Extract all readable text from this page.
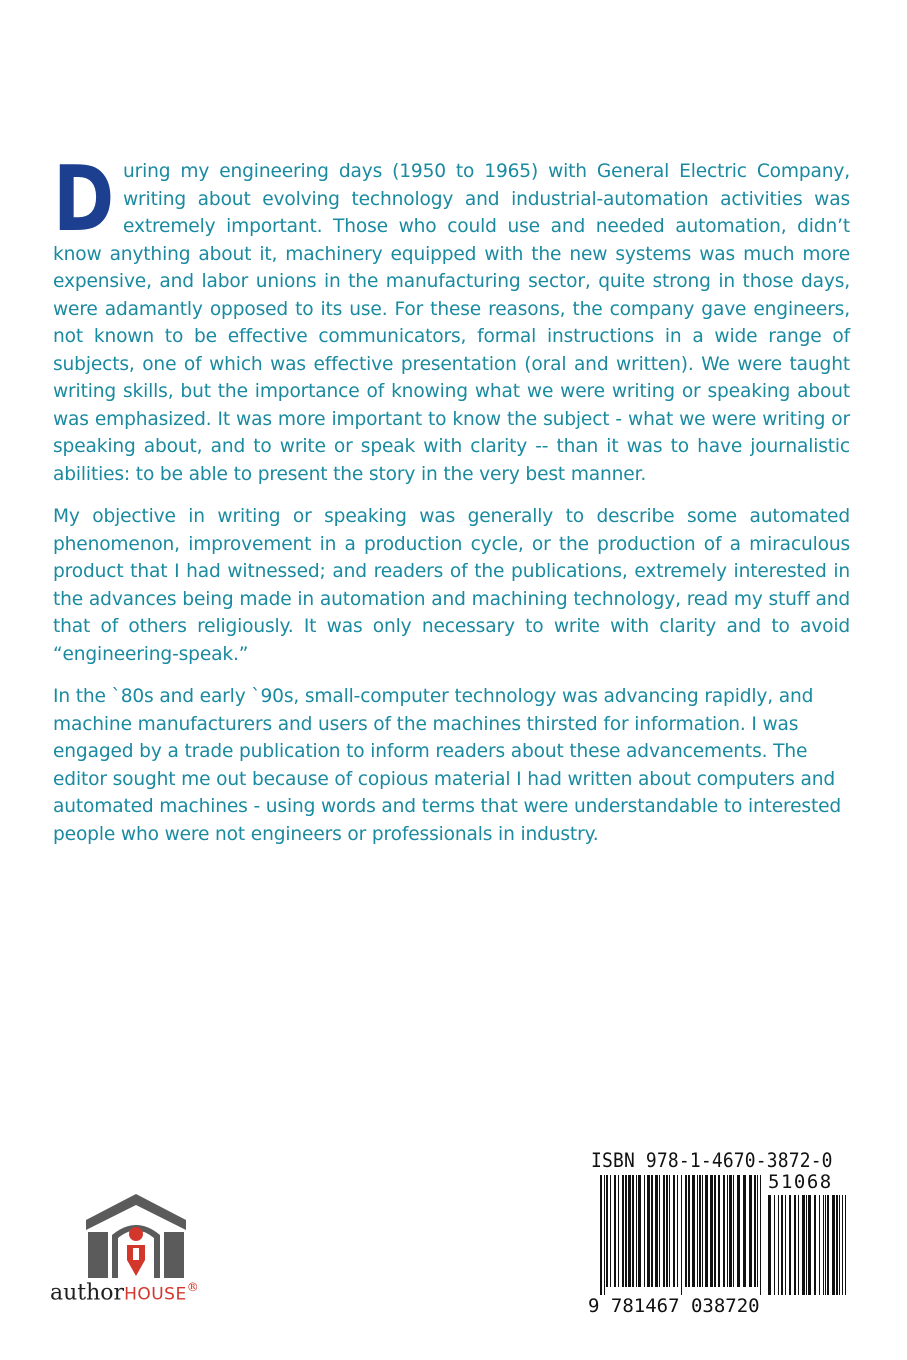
During my engineering days (1950 to 1965) with General Electric Company, writing about evolving technology and industrial-automation activities was extremely important. Those who could use and needed automation, didn’t know anything about it, machinery equipped with the new systems was much more expensive, and labor unions in the manufacturing sector, quite strong in those days, were adamantly opposed to its use. For these reasons, the company gave engineers, not known to be effective communicators, formal instructions in a wide range of subjects, one of which was effective presentation (oral and written). We were taught writing skills, but the importance of knowing what we were writing or speaking about was emphasized. It was more important to know the subject - what we were writing or speaking about, and to write or speak with clarity -- than it was to have journalistic abilities: to be able to present the story in the very best manner.

My objective in writing or speaking was generally to describe some automated phenomenon, improvement in a production cycle, or the production of a miraculous product that I had witnessed; and readers of the publications, extremely interested in the advances being made in automation and machining technology, read my stuff and that of others religiously. It was only necessary to write with clarity and to avoid “engineering-speak.”

In the `80s and early `90s, small-computer technology was advancing rapidly, and machine manufacturers and users of the machines thirsted for information. I was engaged by a trade publication to inform readers about these advancements. The editor sought me out because of copious material I had written about computers and automated machines - using words and terms that were understandable to interested people who were not engineers or professionals in industry.

authorHOUSE®
ISBN 978-1-4670-3872-0
51068
9 781467 038720
